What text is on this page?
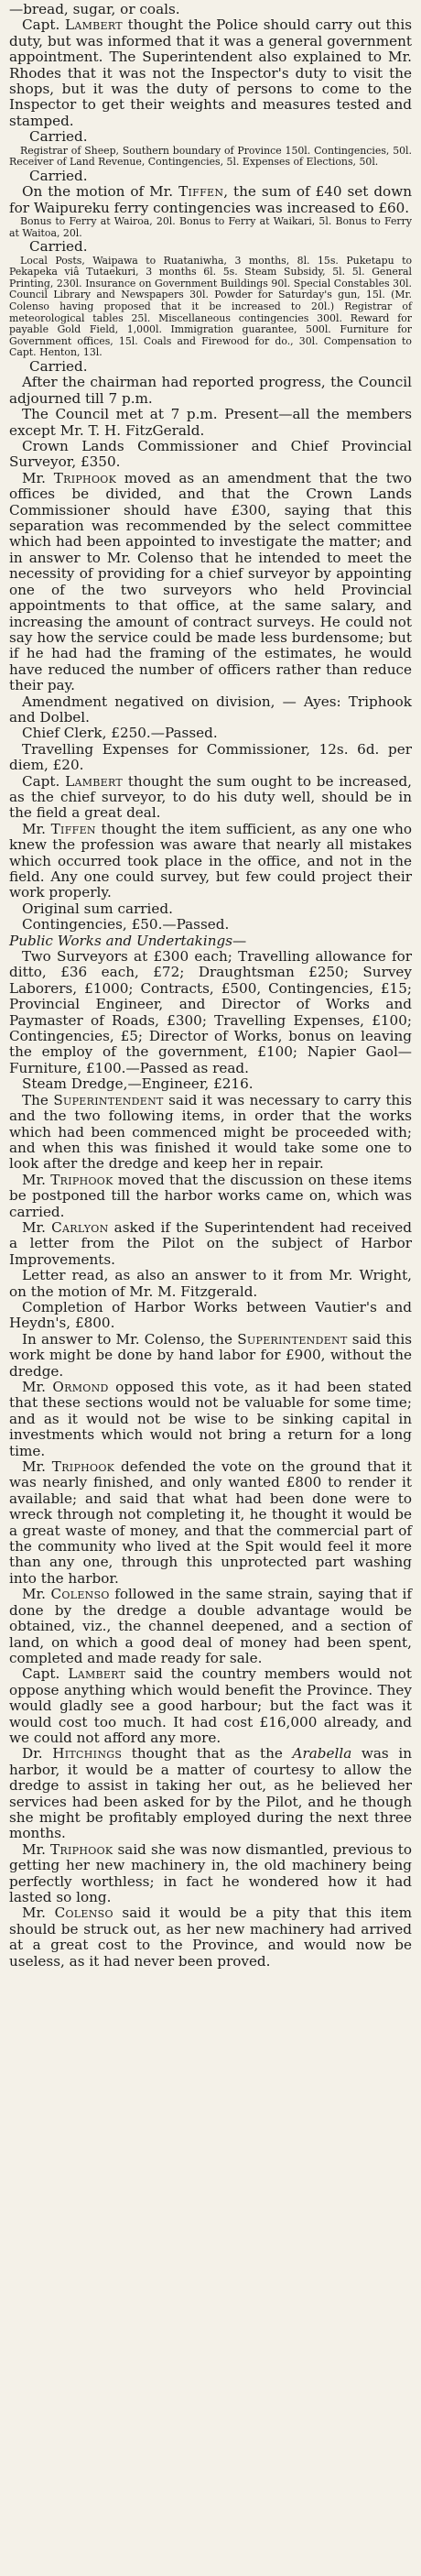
—bread, sugar, or coals.

Capt. Lambert thought the Police should carry out this duty, but was informed that it was a general government appointment. The Superintendent also explained to Mr. Rhodes that it was not the Inspector's duty to visit the shops, but it was the duty of persons to come to the Inspector to get their weights and measures tested and stamped.

Carried.

Registrar of Sheep, Southern boundary of Province 150l. Contingencies, 50l. Receiver of Land Revenue, Contingencies, 5l. Expenses of Elections, 50l.

Carried.

On the motion of Mr. Tiffen, the sum of £40 set down for Waipureku ferry contingencies was increased to £60.

Bonus to Ferry at Wairoa, 20l. Bonus to Ferry at Waikari, 5l. Bonus to Ferry at Waitoa, 20l.

Carried.

Local Posts, Waipawa to Ruataniwha, 3 months, 8l. 15s. Puketapu to Pekapeka viâ Tutaekuri, 3 months 6l. 5s. Steam Subsidy, 5l. 5l. General Printing, 230l. Insurance on Government Buildings 90l. Special Constables 30l. Council Library and Newspapers 30l. Powder for Saturday's gun, 15l. (Mr. Colenso having proposed that it be increased to 20l.) Registrar of meteorological tables 25l. Miscellaneous contingencies 300l. Reward for payable Gold Field, 1,000l. Immigration guarantee, 500l. Furniture for Government offices, 15l. Coals and Firewood for do., 30l. Compensation to Capt. Henton, 13l.

Carried.

After the chairman had reported progress, the Council adjourned till 7 p.m.

The Council met at 7 p.m. Present—all the members except Mr. T. H. FitzGerald.

Crown Lands Commissioner and Chief Provincial Surveyor, £350.

Mr. Triphook moved as an amendment that the two offices be divided, and that the Crown Lands Commissioner should have £300, saying that this separation was recommended by the select committee which had been appointed to investigate the matter; and in answer to Mr. Colenso that he intended to meet the necessity of providing for a chief surveyor by appointing one of the two surveyors who held Provincial appointments to that office, at the same salary, and increasing the amount of contract surveys. He could not say how the service could be made less burdensome; but if he had had the framing of the estimates, he would have reduced the number of officers rather than reduce their pay.

Amendment negatived on division, — Ayes: Triphook and Dolbel.

Chief Clerk, £250.—Passed.

Travelling Expenses for Commissioner, 12s. 6d. per diem, £20.

Capt. Lambert thought the sum ought to be increased, as the chief surveyor, to do his duty well, should be in the field a great deal.

Mr. Tiffen thought the item sufficient, as any one who knew the profession was aware that nearly all mistakes which occurred took place in the office, and not in the field. Any one could survey, but few could project their work properly.

Original sum carried.

Contingencies, £50.—Passed.

Public Works and Undertakings—

Two Surveyors at £300 each; Travelling allowance for ditto, £36 each, £72; Draughtsman £250; Survey Laborers, £1000; Contracts, £500, Contingencies, £15; Provincial Engineer, and Director of Works and Paymaster of Roads, £300; Travelling Expenses, £100; Contingencies, £5; Director of Works, bonus on leaving the employ of the government, £100; Napier Gaol—Furniture, £100.—Passed as read.

Steam Dredge,—Engineer, £216.

The Superintendent said it was necessary to carry this and the two following items, in order that the works which had been commenced might be proceeded with; and when this was finished it would take some one to look after the dredge and keep her in repair.

Mr. Triphook moved that the discussion on these items be postponed till the harbor works came on, which was carried.

Mr. Carlyon asked if the Superintendent had received a letter from the Pilot on the subject of Harbor Improvements.

Letter read, as also an answer to it from Mr. Wright, on the motion of Mr. M. Fitzgerald.

Completion of Harbor Works between Vautier's and Heydn's, £800.

In answer to Mr. Colenso, the Superintendent said this work might be done by hand labor for £900, without the dredge.

Mr. Ormond opposed this vote, as it had been stated that these sections would not be valuable for some time; and as it would not be wise to be sinking capital in investments which would not bring a return for a long time.

Mr. Triphook defended the vote on the ground that it was nearly finished, and only wanted £800 to render it available; and said that what had been done were to wreck through not completing it, he thought it would be a great waste of money, and that the commercial part of the community who lived at the Spit would feel it more than any one, through this unprotected part washing into the harbor.

Mr. Colenso followed in the same strain, saying that if done by the dredge a double advantage would be obtained, viz., the channel deepened, and a section of land, on which a good deal of money had been spent, completed and made ready for sale.

Capt. Lambert said the country members would not oppose anything which would benefit the Province. They would gladly see a good harbour; but the fact was it would cost too much. It had cost £16,000 already, and we could not afford any more.

Dr. Hitchings thought that as the Arabella was in harbor, it would be a matter of courtesy to allow the dredge to assist in taking her out, as he believed her services had been asked for by the Pilot, and he though she might be profitably employed during the next three months.

Mr. Triphook said she was now dismantled, previous to getting her new machinery in, the old machinery being perfectly worthless; in fact he wondered how it had lasted so long.

Mr. Colenso said it would be a pity that this item should be struck out, as her new machinery had arrived at a great cost to the Province, and would now be useless, as it had never been proved.
